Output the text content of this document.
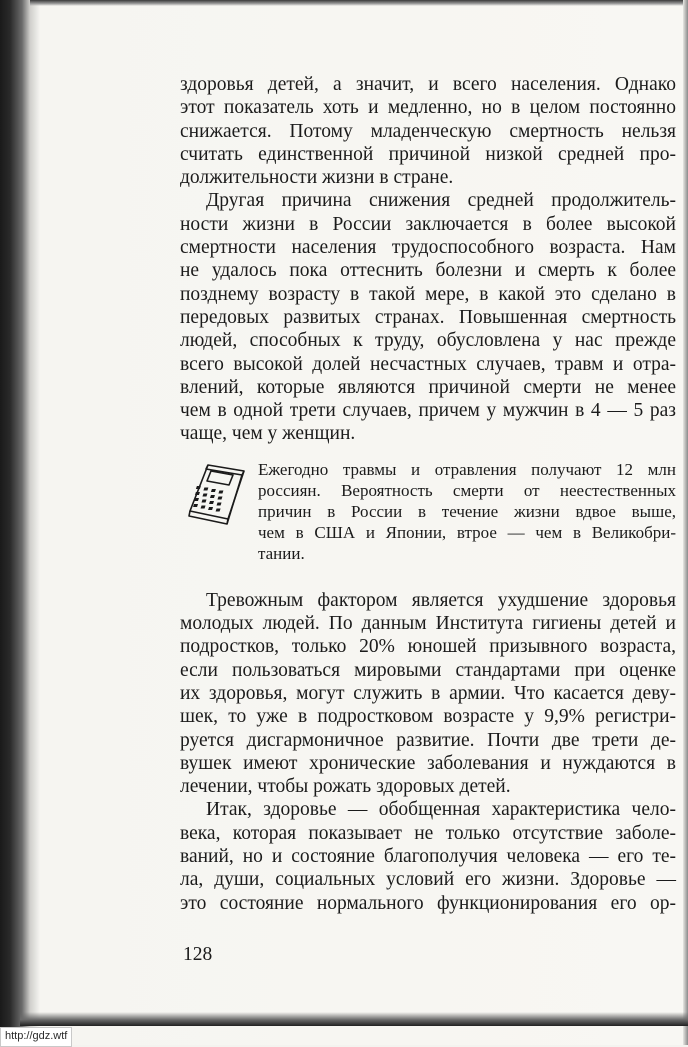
здоровья детей, а значит, и всего населения. Однако
этот показатель хоть и медленно, но в целом постоянно
снижается. Потому младенческую смертность нельзя
считать единственной причиной низкой средней про-
должительности жизни в стране.
Другая причина снижения средней продолжитель-
ности жизни в России заключается в более высокой
смертности населения трудоспособного возраста. Нам
не удалось пока оттеснить болезни и смерть к более
позднему возрасту в такой мере, в какой это сделано в
передовых развитых странах. Повышенная смертность
людей, способных к труду, обусловлена у нас прежде
всего высокой долей несчастных случаев, травм и отра-
влений, которые являются причиной смерти не менее
чем в одной трети случаев, причем у мужчин в 4 — 5 раз
чаще, чем у женщин.
Ежегодно травмы и отравления получают 12 млн
россиян. Вероятность смерти от неестественных
причин в России в течение жизни вдвое выше,
чем в США и Японии, втрое — чем в Великобри-
тании.
Тревожным фактором является ухудшение здоровья
молодых людей. По данным Института гигиены детей и
подростков, только 20% юношей призывного возраста,
если пользоваться мировыми стандартами при оценке
их здоровья, могут служить в армии. Что касается деву-
шек, то уже в подростковом возрасте у 9,9% регистри-
руется дисгармоничное развитие. Почти две трети де-
вушек имеют хронические заболевания и нуждаются в
лечении, чтобы рожать здоровых детей.
Итак, здоровье — обобщенная характеристика чело-
века, которая показывает не только отсутствие заболе-
ваний, но и состояние благополучия человека — его те-
ла, души, социальных условий его жизни. Здоровье —
это состояние нормального функционирования его ор-
128
http://gdz.wtf
